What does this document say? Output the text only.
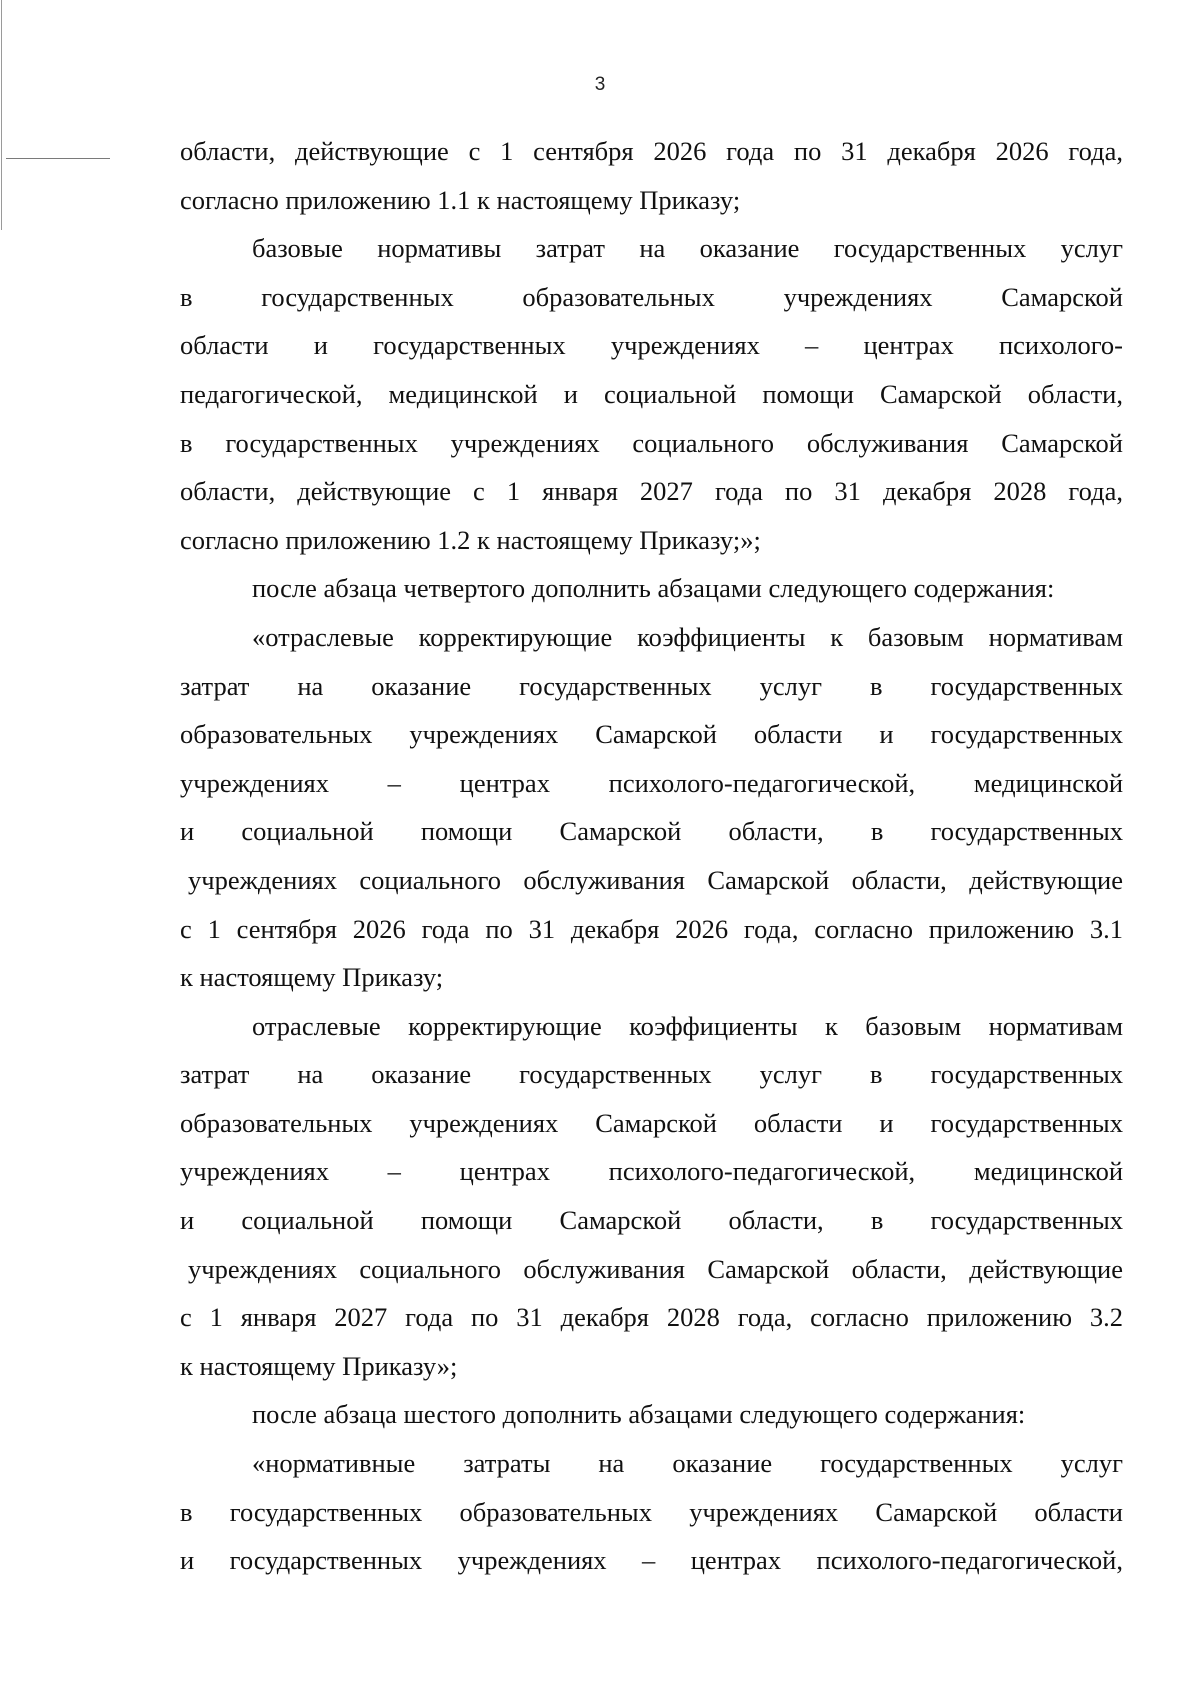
3
области, действующие с 1 сентября 2026 года по 31 декабря 2026 года,
согласно приложению 1.1 к настоящему Приказу;
базовые нормативы затрат на оказание государственных услуг
в государственных образовательных учреждениях Самарской
области и государственных учреждениях – центрах психолого-
педагогической, медицинской и социальной помощи Самарской области,
в государственных учреждениях социального обслуживания Самарской
области, действующие с 1 января 2027 года по 31 декабря 2028 года,
согласно приложению 1.2 к настоящему Приказу;»;
после абзаца четвертого дополнить абзацами следующего содержания:
«отраслевые корректирующие коэффициенты к базовым нормативам
затрат на оказание государственных услуг в государственных
образовательных учреждениях Самарской области и государственных
учреждениях – центрах психолого-педагогической, медицинской
и социальной помощи Самарской области, в государственных
учреждениях социального обслуживания Самарской области, действующие
с 1 сентября 2026 года по 31 декабря 2026 года, согласно приложению 3.1
к настоящему Приказу;
отраслевые корректирующие коэффициенты к базовым нормативам
затрат на оказание государственных услуг в государственных
образовательных учреждениях Самарской области и государственных
учреждениях – центрах психолого-педагогической, медицинской
и социальной помощи Самарской области, в государственных
учреждениях социального обслуживания Самарской области, действующие
с 1 января 2027 года по 31 декабря 2028 года, согласно приложению 3.2
к настоящему Приказу»;
после абзаца шестого дополнить абзацами следующего содержания:
«нормативные затраты на оказание государственных услуг
в государственных образовательных учреждениях Самарской области
и государственных учреждениях – центрах психолого-педагогической,
